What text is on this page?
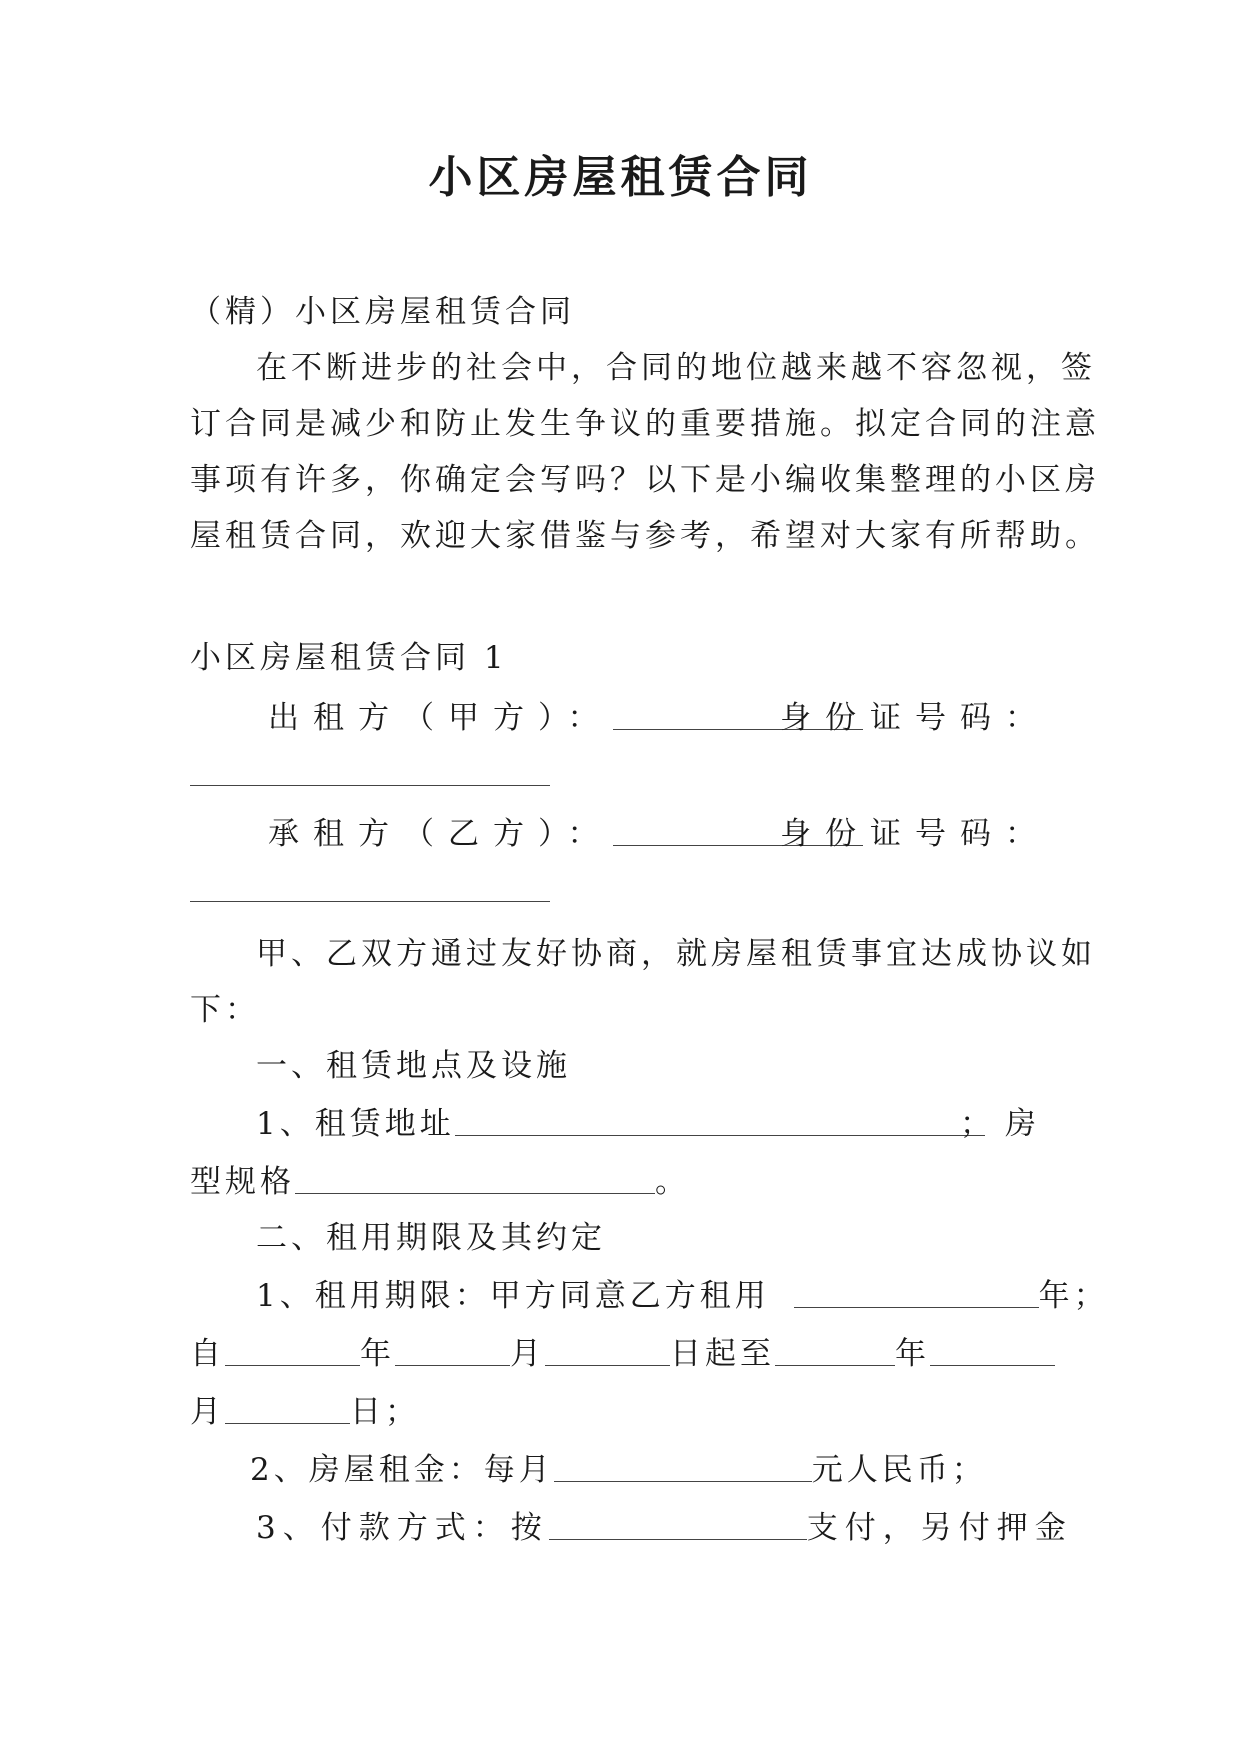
小区房屋租赁合同
（精）小区房屋租赁合同
在不断进步的社会中，合同的地位越来越不容忽视，签
订合同是减少和防止发生争议的重要措施。拟定合同的注意
事项有许多，你确定会写吗？以下是小编收集整理的小区房
屋租赁合同，欢迎大家借鉴与参考，希望对大家有所帮助。
小区房屋租赁合同 1
出租方（甲方）：	身份证号码：
承租方（乙方）：	身份证号码：
甲、乙双方通过友好协商，就房屋租赁事宜达成协议如
下：
一、租赁地点及设施
1、租赁地址	；房
型规格	。
二、租用期限及其约定
1、租用期限：甲方同意乙方租用	年；
自	年	月	日起至	年
月	日；
2、房屋租金：每月	元人民币；
3、付款方式：按	支付，另付押金
